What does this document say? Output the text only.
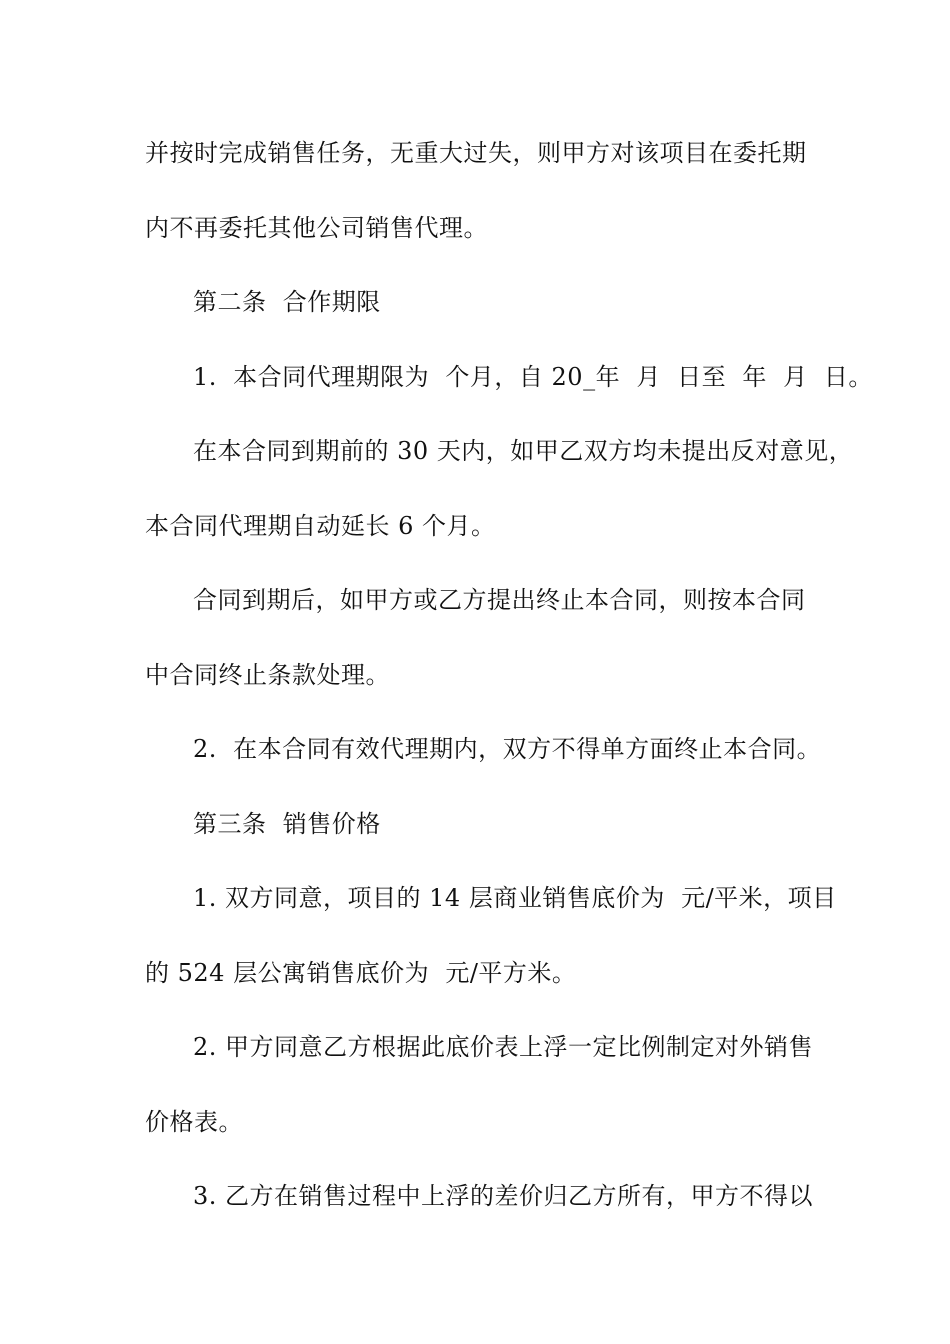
并按时完成销售任务，无重大过失，则甲方对该项目在委托期
内不再委托其他公司销售代理。
第二条  合作期限
1.  本合同代理期限为  个月，自 20_年  月  日至  年  月  日。
在本合同到期前的 30 天内，如甲乙双方均未提出反对意见，
本合同代理期自动延长 6 个月。
合同到期后，如甲方或乙方提出终止本合同，则按本合同
中合同终止条款处理。
2.  在本合同有效代理期内，双方不得单方面终止本合同。
第三条  销售价格
1. 双方同意，项目的 14 层商业销售底价为  元/平米，项目
的 524 层公寓销售底价为  元/平方米。
2. 甲方同意乙方根据此底价表上浮一定比例制定对外销售
价格表。
3. 乙方在销售过程中上浮的差价归乙方所有，甲方不得以
